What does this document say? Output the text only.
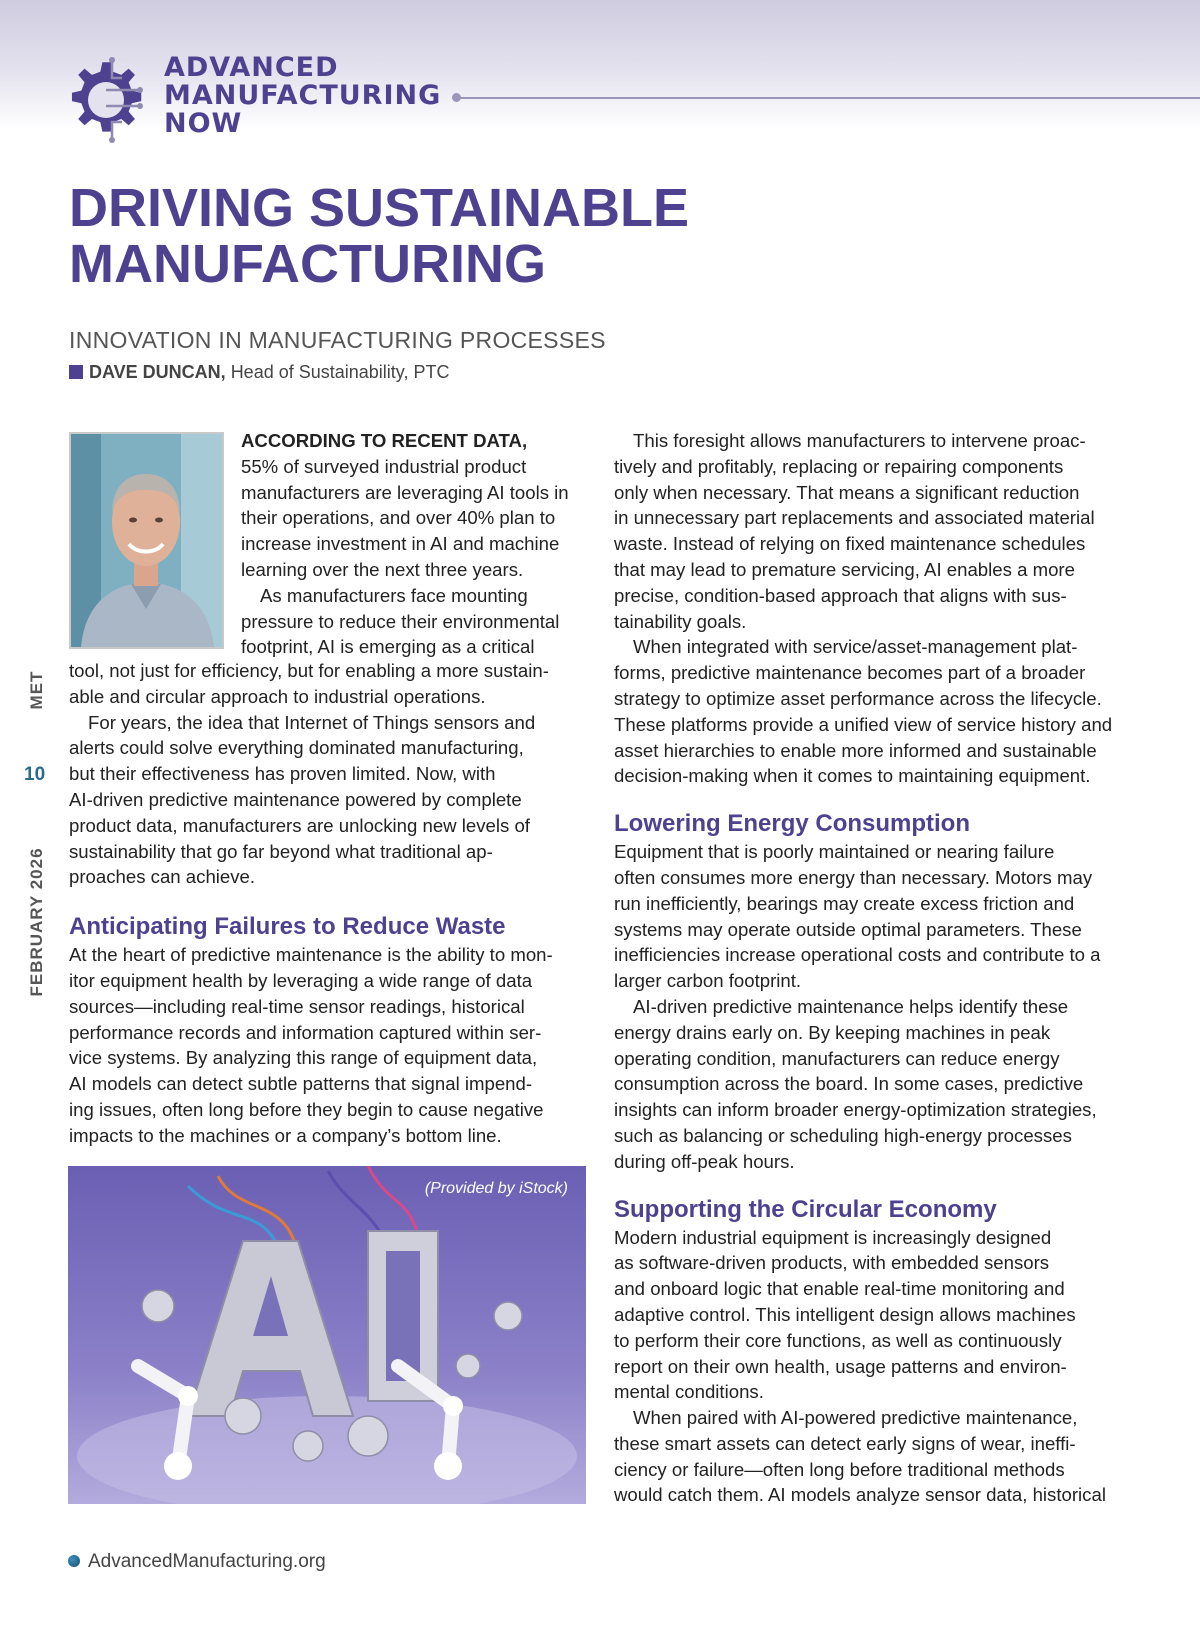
ADVANCED
MANUFACTURING
NOW
DRIVING SUSTAINABLE
MANUFACTURING
INNOVATION IN MANUFACTURING PROCESSES
DAVE DUNCAN, Head of Sustainability, PTC
MET
10
FEBRUARY 2026

ACCORDING TO RECENT DATA,
55% of surveyed industrial product
manufacturers are leveraging AI tools in
their operations, and over 40% plan to
increase investment in AI and machine
learning over the next three years.

As manufacturers face mounting
pressure to reduce their environmental
footprint, AI is emerging as a critical

tool, not just for efficiency, but for enabling a more sustain-
able and circular approach to industrial operations.

For years, the idea that Internet of Things sensors and
alerts could solve everything dominated manufacturing,
but their effectiveness has proven limited. Now, with
AI-driven predictive maintenance powered by complete
product data, manufacturers are unlocking new levels of
sustainability that go far beyond what traditional ap-
proaches can achieve.

Anticipating Failures to Reduce Waste

At the heart of predictive maintenance is the ability to mon-
itor equipment health by leveraging a wide range of data
sources—including real-time sensor readings, historical
performance records and information captured within ser-
vice systems. By analyzing this range of equipment data,
AI models can detect subtle patterns that signal impend-
ing issues, often long before they begin to cause negative
impacts to the machines or a company’s bottom line.

(Provided by iStock)

This foresight allows manufacturers to intervene proac-
tively and profitably, replacing or repairing components
only when necessary. That means a significant reduction
in unnecessary part replacements and associated material
waste. Instead of relying on fixed maintenance schedules
that may lead to premature servicing, AI enables a more
precise, condition-based approach that aligns with sus-
tainability goals.

When integrated with service/asset-management plat-
forms, predictive maintenance becomes part of a broader
strategy to optimize asset performance across the lifecycle.
These platforms provide a unified view of service history and
asset hierarchies to enable more informed and sustainable
decision-making when it comes to maintaining equipment.

Lowering Energy Consumption

Equipment that is poorly maintained or nearing failure
often consumes more energy than necessary. Motors may
run inefficiently, bearings may create excess friction and
systems may operate outside optimal parameters. These
inefficiencies increase operational costs and contribute to a
larger carbon footprint.

AI-driven predictive maintenance helps identify these
energy drains early on. By keeping machines in peak
operating condition, manufacturers can reduce energy
consumption across the board. In some cases, predictive
insights can inform broader energy-optimization strategies,
such as balancing or scheduling high-energy processes
during off-peak hours.

Supporting the Circular Economy

Modern industrial equipment is increasingly designed
as software-driven products, with embedded sensors
and onboard logic that enable real-time monitoring and
adaptive control. This intelligent design allows machines
to perform their core functions, as well as continuously
report on their own health, usage patterns and environ-
mental conditions.

When paired with AI-powered predictive maintenance,
these smart assets can detect early signs of wear, ineffi-
ciency or failure—often long before traditional methods
would catch them. AI models analyze sensor data, historical

AdvancedManufacturing.org
